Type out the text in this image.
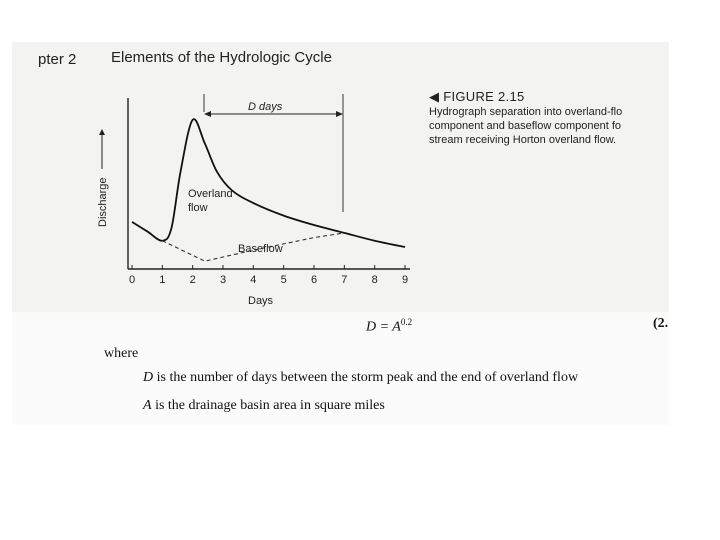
pter 2 Elements of the Hydrologic Cycle
◀ FIGURE 2.15
Hydrograph separation into overland-flo
component and baseflow component fo
stream receiving Horton overland flow.
Discharge
0 1 2 3 4 5 6 7 8 9
Days
D days
Overland flow
Baseflow
$D = A^{0.2}$	(2.
where
D is the number of days between the storm peak and the end of overland flow
A is the drainage basin area in square miles
